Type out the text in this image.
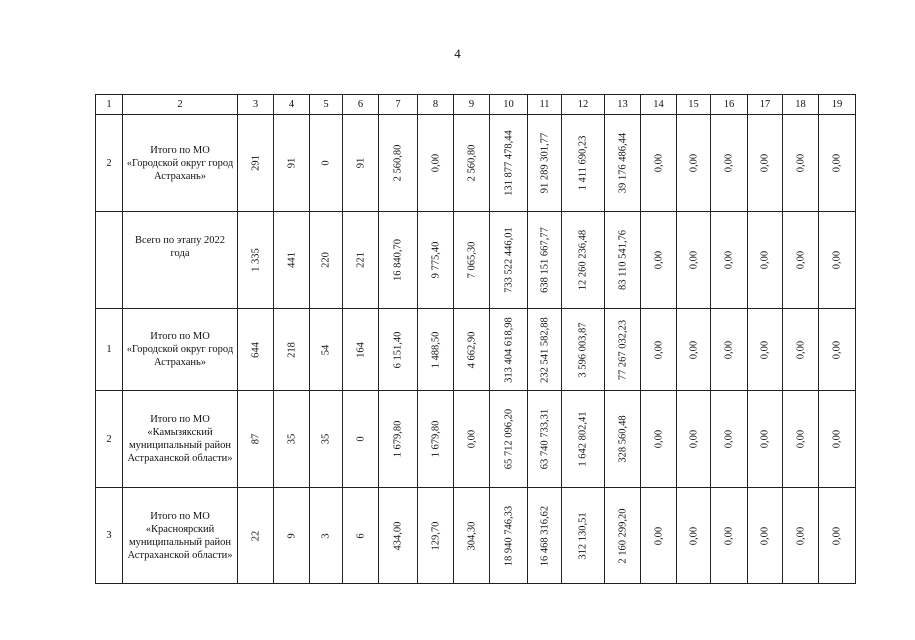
4
1	2	3	4	5	6	7	8	9	10	11	12	13	14	15	16	17	18	19
2	Итого по МО «Городской округ город Астрахань»	291	91	0	91	2 560,80	0,00	2 560,80	131 877 478,44	91 289 301,77	1 411 690,23	39 176 486,44	0,00	0,00	0,00	0,00	0,00	0,00

	Всего по этапу 2022 года	1 335	441	220	221	16 840,70	9 775,40	7 065,30	733 522 446,01	638 151 667,77	12 260 236,48	83 110 541,76	0,00	0,00	0,00	0,00	0,00	0,00

1	Итого по МО «Городской округ город Астрахань»	644	218	54	164	6 151,40	1 488,50	4 662,90	313 404 618,98	232 541 582,88	3 596 003,87	77 267 032,23	0,00	0,00	0,00	0,00	0,00	0,00

2	Итого по МО «Камызякский муниципальный район Астраханской области»	87	35	35	0	1 679,80	1 679,80	0,00	65 712 096,20	63 740 733,31	1 642 802,41	328 560,48	0,00	0,00	0,00	0,00	0,00	0,00

3	Итого по МО «Красноярский муниципальный район Астраханской области»	22	9	3	6	434,00	129,70	304,30	18 940 746,33	16 468 316,62	312 130,51	2 160 299,20	0,00	0,00	0,00	0,00	0,00	0,00
